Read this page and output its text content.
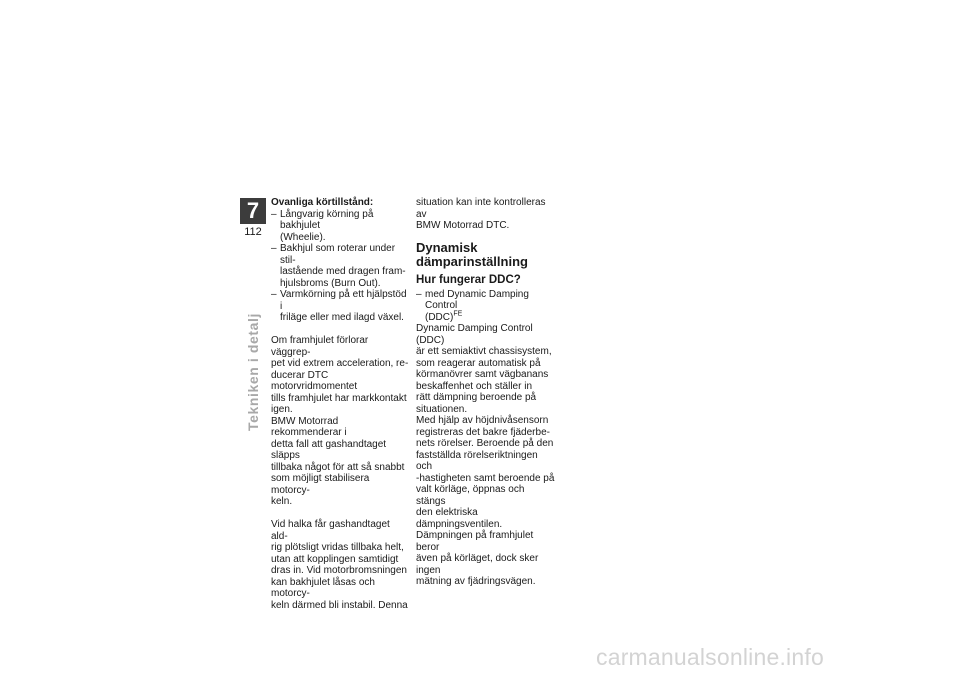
7
112
Tekniken i detalj

Ovanliga körtillstånd:

– Långvarig körning på bakhjulet
(Wheelie).
– Bakhjul som roterar under stil-
lastående med dragen fram-
hjulsbroms (Burn Out).
– Varmkörning på ett hjälpstöd i
friläge eller med ilagd växel.

Om framhjulet förlorar väggrep-
pet vid extrem acceleration, re-
ducerar DTC motorvridmomentet
tills framhjulet har markkontakt
igen.
BMW Motorrad rekommenderar i
detta fall att gashandtaget släpps
tillbaka något för att så snabbt
som möjligt stabilisera motorcy-
keln.

Vid halka får gashandtaget ald-
rig plötsligt vridas tillbaka helt,
utan att kopplingen samtidigt
dras in. Vid motorbromsningen
kan bakhjulet låsas och motorcy-
keln därmed bli instabil. Denna

situation kan inte kontrolleras av
BMW Motorrad DTC.

Dynamisk
dämparinställning
Hur fungerar DDC?
– med Dynamic Damping Control
(DDC)$^{FE}$

Dynamic Damping Control (DDC)
är ett semiaktivt chassisystem,
som reagerar automatisk på
körmanövrer samt vägbanans
beskaffenhet och ställer in
rätt dämpning beroende på
situationen.
Med hjälp av höjdnivåsensorn
registreras det bakre fjäderbe-
nets rörelser. Beroende på den
fastställda rörelseriktningen och
-hastigheten samt beroende på
valt körläge, öppnas och stängs
den elektriska dämpningsventilen.
Dämpningen på framhjulet beror
även på körläget, dock sker ingen
mätning av fjädringsvägen.

carmanualsonline.info
